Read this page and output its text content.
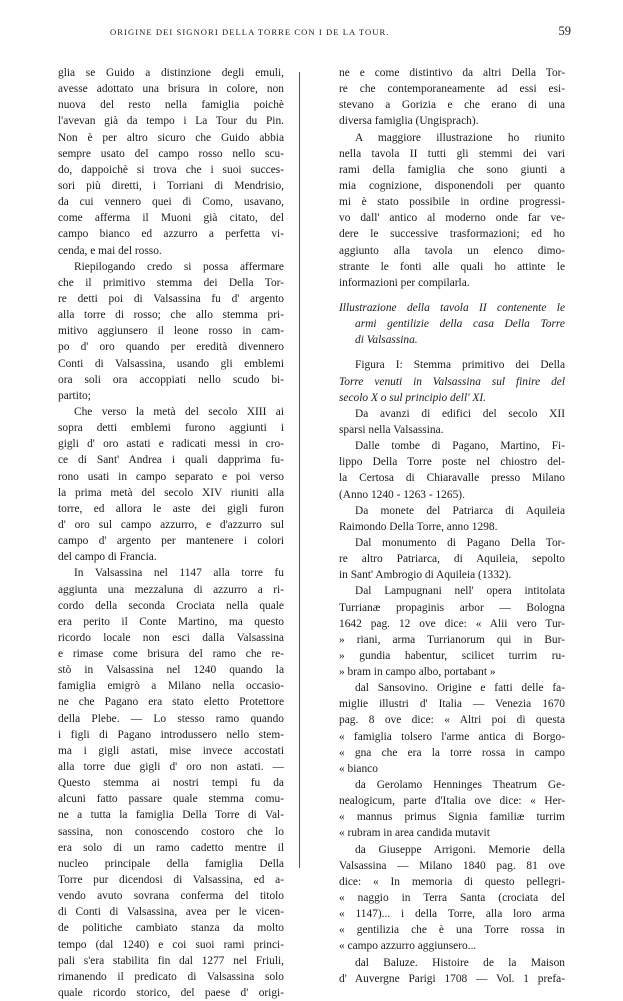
ORIGINE DEI SIGNORI DELLA TORRE CON I DE LA TOUR.	59
glia se Guido a distinzione degli emuli,
avesse adottato una brisura in colore, non
nuova del resto nella famiglia poichè
l'avevan già da tempo i La Tour du Pin.
Non è per altro sicuro che Guido abbia
sempre usato del campo rosso nello scu-
do, dappoichè si trova che i suoi succes-
sori più diretti, i Torriani di Mendrisio,
da cui vennero quei di Como, usavano,
come afferma il Muoni già citato, del
campo bianco ed azzurro a perfetta vi-
cenda, e mai del rosso.
Riepilogando credo si possa affermare
che il primitivo stemma dei Della Tor-
re detti poi di Valsassina fu d' argento
alla torre di rosso; che allo stemma pri-
mitivo aggiunsero il leone rosso in cam-
po d' oro quando per eredità divennero
Conti di Valsassina, usando gli emblemi
ora soli ora accoppiati nello scudo bi-
partito;
Che verso la metà del secolo XIII ai
sopra detti emblemi furono aggiunti i
gigli d' oro astati e radicati messi in cro-
ce di Sant' Andrea i quali dapprima fu-
rono usati in campo separato e poi verso
la prima metà del secolo XIV riuniti alla
torre, ed allora le aste dei gigli furon
d' oro sul campo azzurro, e d'azzurro sul
campo d' argento per mantenere i colori
del campo di Francia.
In Valsassina nel 1147 alla torre fu
aggiunta una mezzaluna di azzurro a ri-
cordo della seconda Crociata nella quale
era perito il Conte Martino, ma questo
ricordo locale non esci dalla Valsassina
e rimase come brisura del ramo che re-
stò in Valsassina nel 1240 quando la
famiglia emigrò a Milano nella occasio-
ne che Pagano era stato eletto Protettore
della Plebe. — Lo stesso ramo quando
i figli di Pagano introdussero nello stem-
ma i gigli astati, mise invece accostati
alla torre due gigli d' oro non astati. —
Questo stemma ai nostri tempi fu da
alcuni fatto passare quale stemma comu-
ne a tutta la famiglia Della Torre di Val-
sassina, non conoscendo costoro che lo
era solo di un ramo cadetto mentre il
nucleo principale della famiglia Della
Torre pur dicendosi di Valsassina, ed a-
vendo avuto sovrana conferma del titolo
di Conti di Valsassina, avea per le vicen-
de politiche cambiato stanza da molto
tempo (dal 1240) e coi suoi rami princi-
pali s'era stabilita fin dal 1277 nel Friuli,
rimanendo il predicato di Valsassina solo
quale ricordo storico, del paese d' origi-
ne e come distintivo da altri Della Tor-
re che contemporaneamente ad essi esi-
stevano a Gorizia e che erano di una
diversa famiglia (Ungisprach).
A maggiore illustrazione ho riunito
nella tavola II tutti gli stemmi dei vari
rami della famiglia che sono giunti a
mia cognizione, disponendoli per quanto
mi è stato possibile in ordine progressi-
vo dall' antico al moderno onde far ve-
dere le successive trasformazioni; ed ho
aggiunto alla tavola un elenco dimo-
strante le fonti alle quali ho attinte le
informazioni per compilarla.
Illustrazione della tavola II contenente le
armi gentilizie della casa Della Torre
di Valsassina.
Figura I: Stemma primitivo dei Della
Torre venuti in Valsassina sul finire del
secolo X o sul principio dell' XI.
Da avanzi di edifici del secolo XII
sparsi nella Valsassina.
Dalle tombe di Pagano, Martino, Fi-
lippo Della Torre poste nel chiostro del-
la Certosa di Chiaravalle presso Milano
(Anno 1240 - 1263 - 1265).
Da monete del Patriarca di Aquileia
Raimondo Della Torre, anno 1298.
Dal monumento di Pagano Della Tor-
re altro Patriarca, di Aquileia, sepolto
in Sant' Ambrogio di Aquileia (1332).
Dal Lampugnani nell' opera intitolata
Turrianæ propaginis arbor — Bologna
1642 pag. 12 ove dice: « Alii vero Tur-
» riani, arma Turrianorum qui in Bur-
» gundia habentur, scilicet turrim ru-
» bram in campo albo, portabant »
dal Sansovino. Origine e fatti delle fa-
miglie illustri d' Italia — Venezia 1670
pag. 8 ove dice: « Altri poi di questa
« famiglia tolsero l'arme antica di Borgo-
« gna che era la torre rossa in campo
« bianco
da Gerolamo Henninges Theatrum Ge-
nealogicum, parte d'Italia ove dice: « Her-
« mannus primus Signia familiæ turrim
« rubram in area candida mutavit
da Giuseppe Arrigoni. Memorie della
Valsassina — Milano 1840 pag. 81 ove
dice: « In memoria di questo pellegri-
« naggio in Terra Santa (crociata del
« 1147)... i della Torre, alla loro arma
« gentilizia che è una Torre rossa in
« campo azzurro aggiunsero...
dal Baluze. Histoire de la Maison
d' Auvergne Parigi 1708 — Vol. 1 prefa-
